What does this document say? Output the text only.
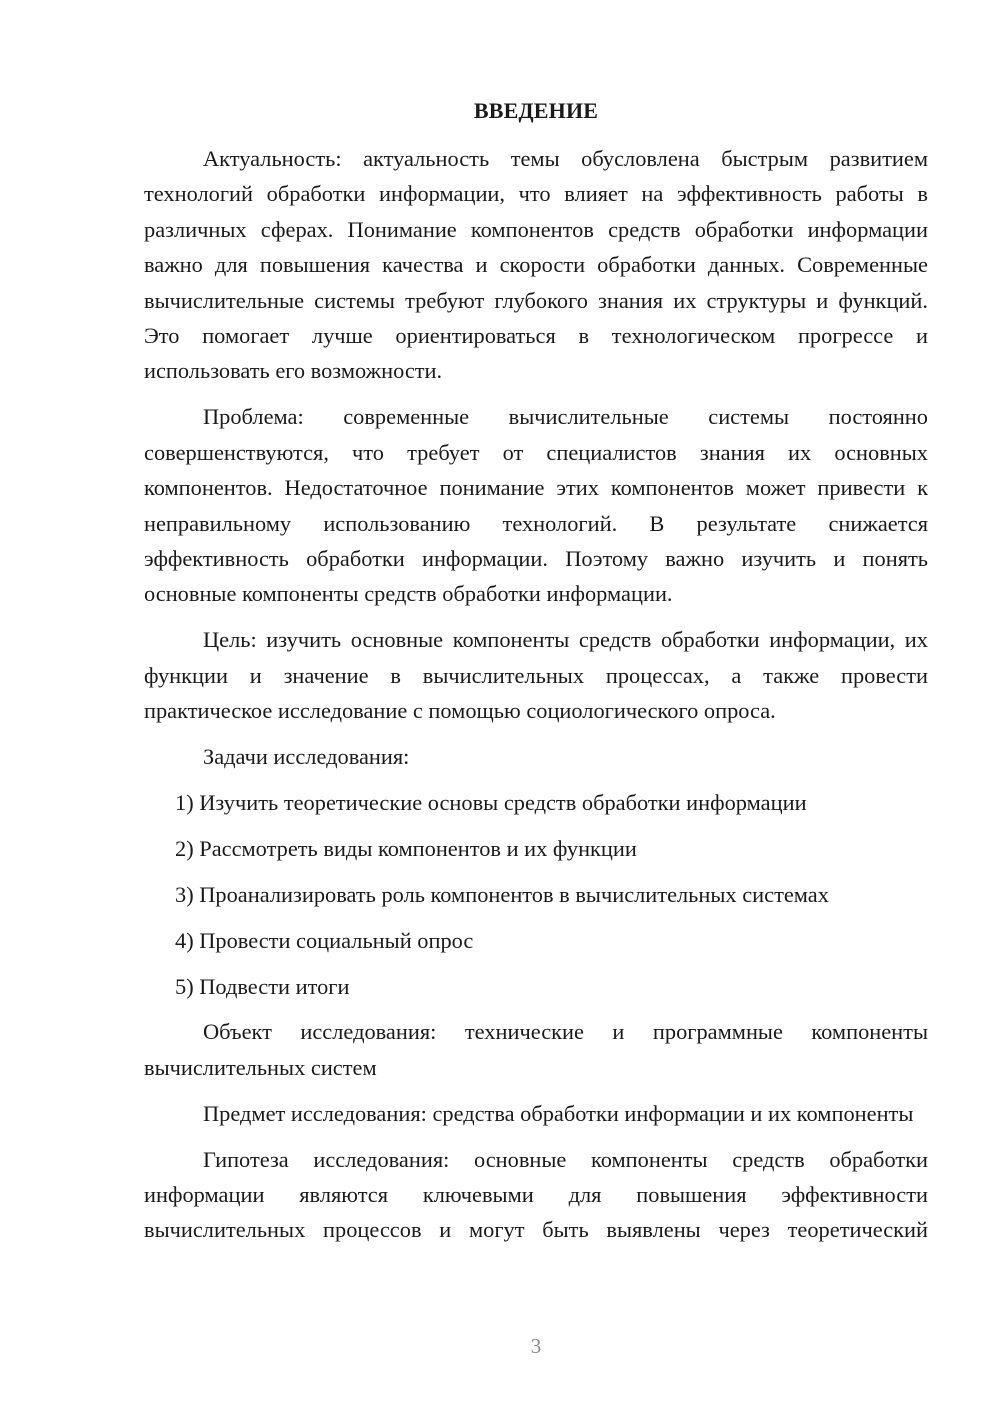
ВВЕДЕНИЕ

Актуальность: актуальность темы обусловлена быстрым развитием технологий обработки информации, что влияет на эффективность работы в различных сферах. Понимание компонентов средств обработки информации важно для повышения качества и скорости обработки данных. Современные вычислительные системы требуют глубокого знания их структуры и функций. Это помогает лучше ориентироваться в технологическом прогрессе и использовать его возможности.

Проблема: современные вычислительные системы постоянно совершенствуются, что требует от специалистов знания их основных компонентов. Недостаточное понимание этих компонентов может привести к неправильному использованию технологий. В результате снижается эффективность обработки информации. Поэтому важно изучить и понять основные компоненты средств обработки информации.

Цель: изучить основные компоненты средств обработки информации, их функции и значение в вычислительных процессах, а также провести практическое исследование с помощью социологического опроса.

Задачи исследования:

1) Изучить теоретические основы средств обработки информации

2) Рассмотреть виды компонентов и их функции

3) Проанализировать роль компонентов в вычислительных системах

4) Провести социальный опрос

5) Подвести итоги

Объект исследования: технические и программные компоненты вычислительных систем

Предмет исследования: средства обработки информации и их компоненты

Гипотеза исследования: основные компоненты средств обработки информации являются ключевыми для повышения эффективности вычислительных процессов и могут быть выявлены через теоретический

3
